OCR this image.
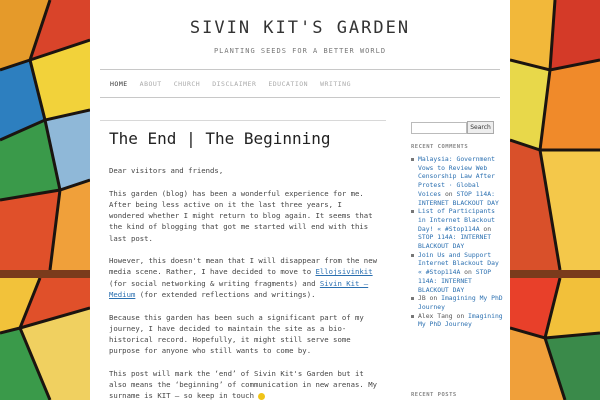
SIVIN KIT'S GARDEN
PLANTING SEEDS FOR A BETTER WORLD
HOME ABOUT CHURCH DISCLAIMER EDUCATION WRITING
The End | The Beginning

Dear visitors and friends,

This garden (blog) has been a wonderful experience for me. After being less active on it the last three years, I wondered whether I might return to blog again. It seems that the kind of blogging that got me started will end with this last post.

However, this doesn't mean that I will disappear from the new media scene. Rather, I have decided to move to Ellojsivinkit (for social networking & writing fragments) and Sivin Kit — Medium (for extended reflections and writings).

Because this garden has been such a significant part of my journey, I have decided to maintain the site as a bio-historical record. Hopefully, it might still serve some purpose for anyone who still wants to come by.

This post will mark the ‘end’ of Sivin Kit's Garden but it also means the ‘beginning’ of communication in new arenas. My surname is KIT — so keep in touch

Search
RECENT COMMENTS
Malaysia: Government Vows to Review Web Censorship Law After Protest · Global Voices on STOP 114A: INTERNET BLACKOUT DAY
List of Participants in Internet Blackout Day! « #Stop114A on STOP 114A: INTERNET BLACKOUT DAY
Join Us and Support Internet Blackout Day « #Stop114A on STOP 114A: INTERNET BLACKOUT DAY
JB on Imagining My PhD Journey
Alex Tang on Imagining My PhD Journey
RECENT POSTS
